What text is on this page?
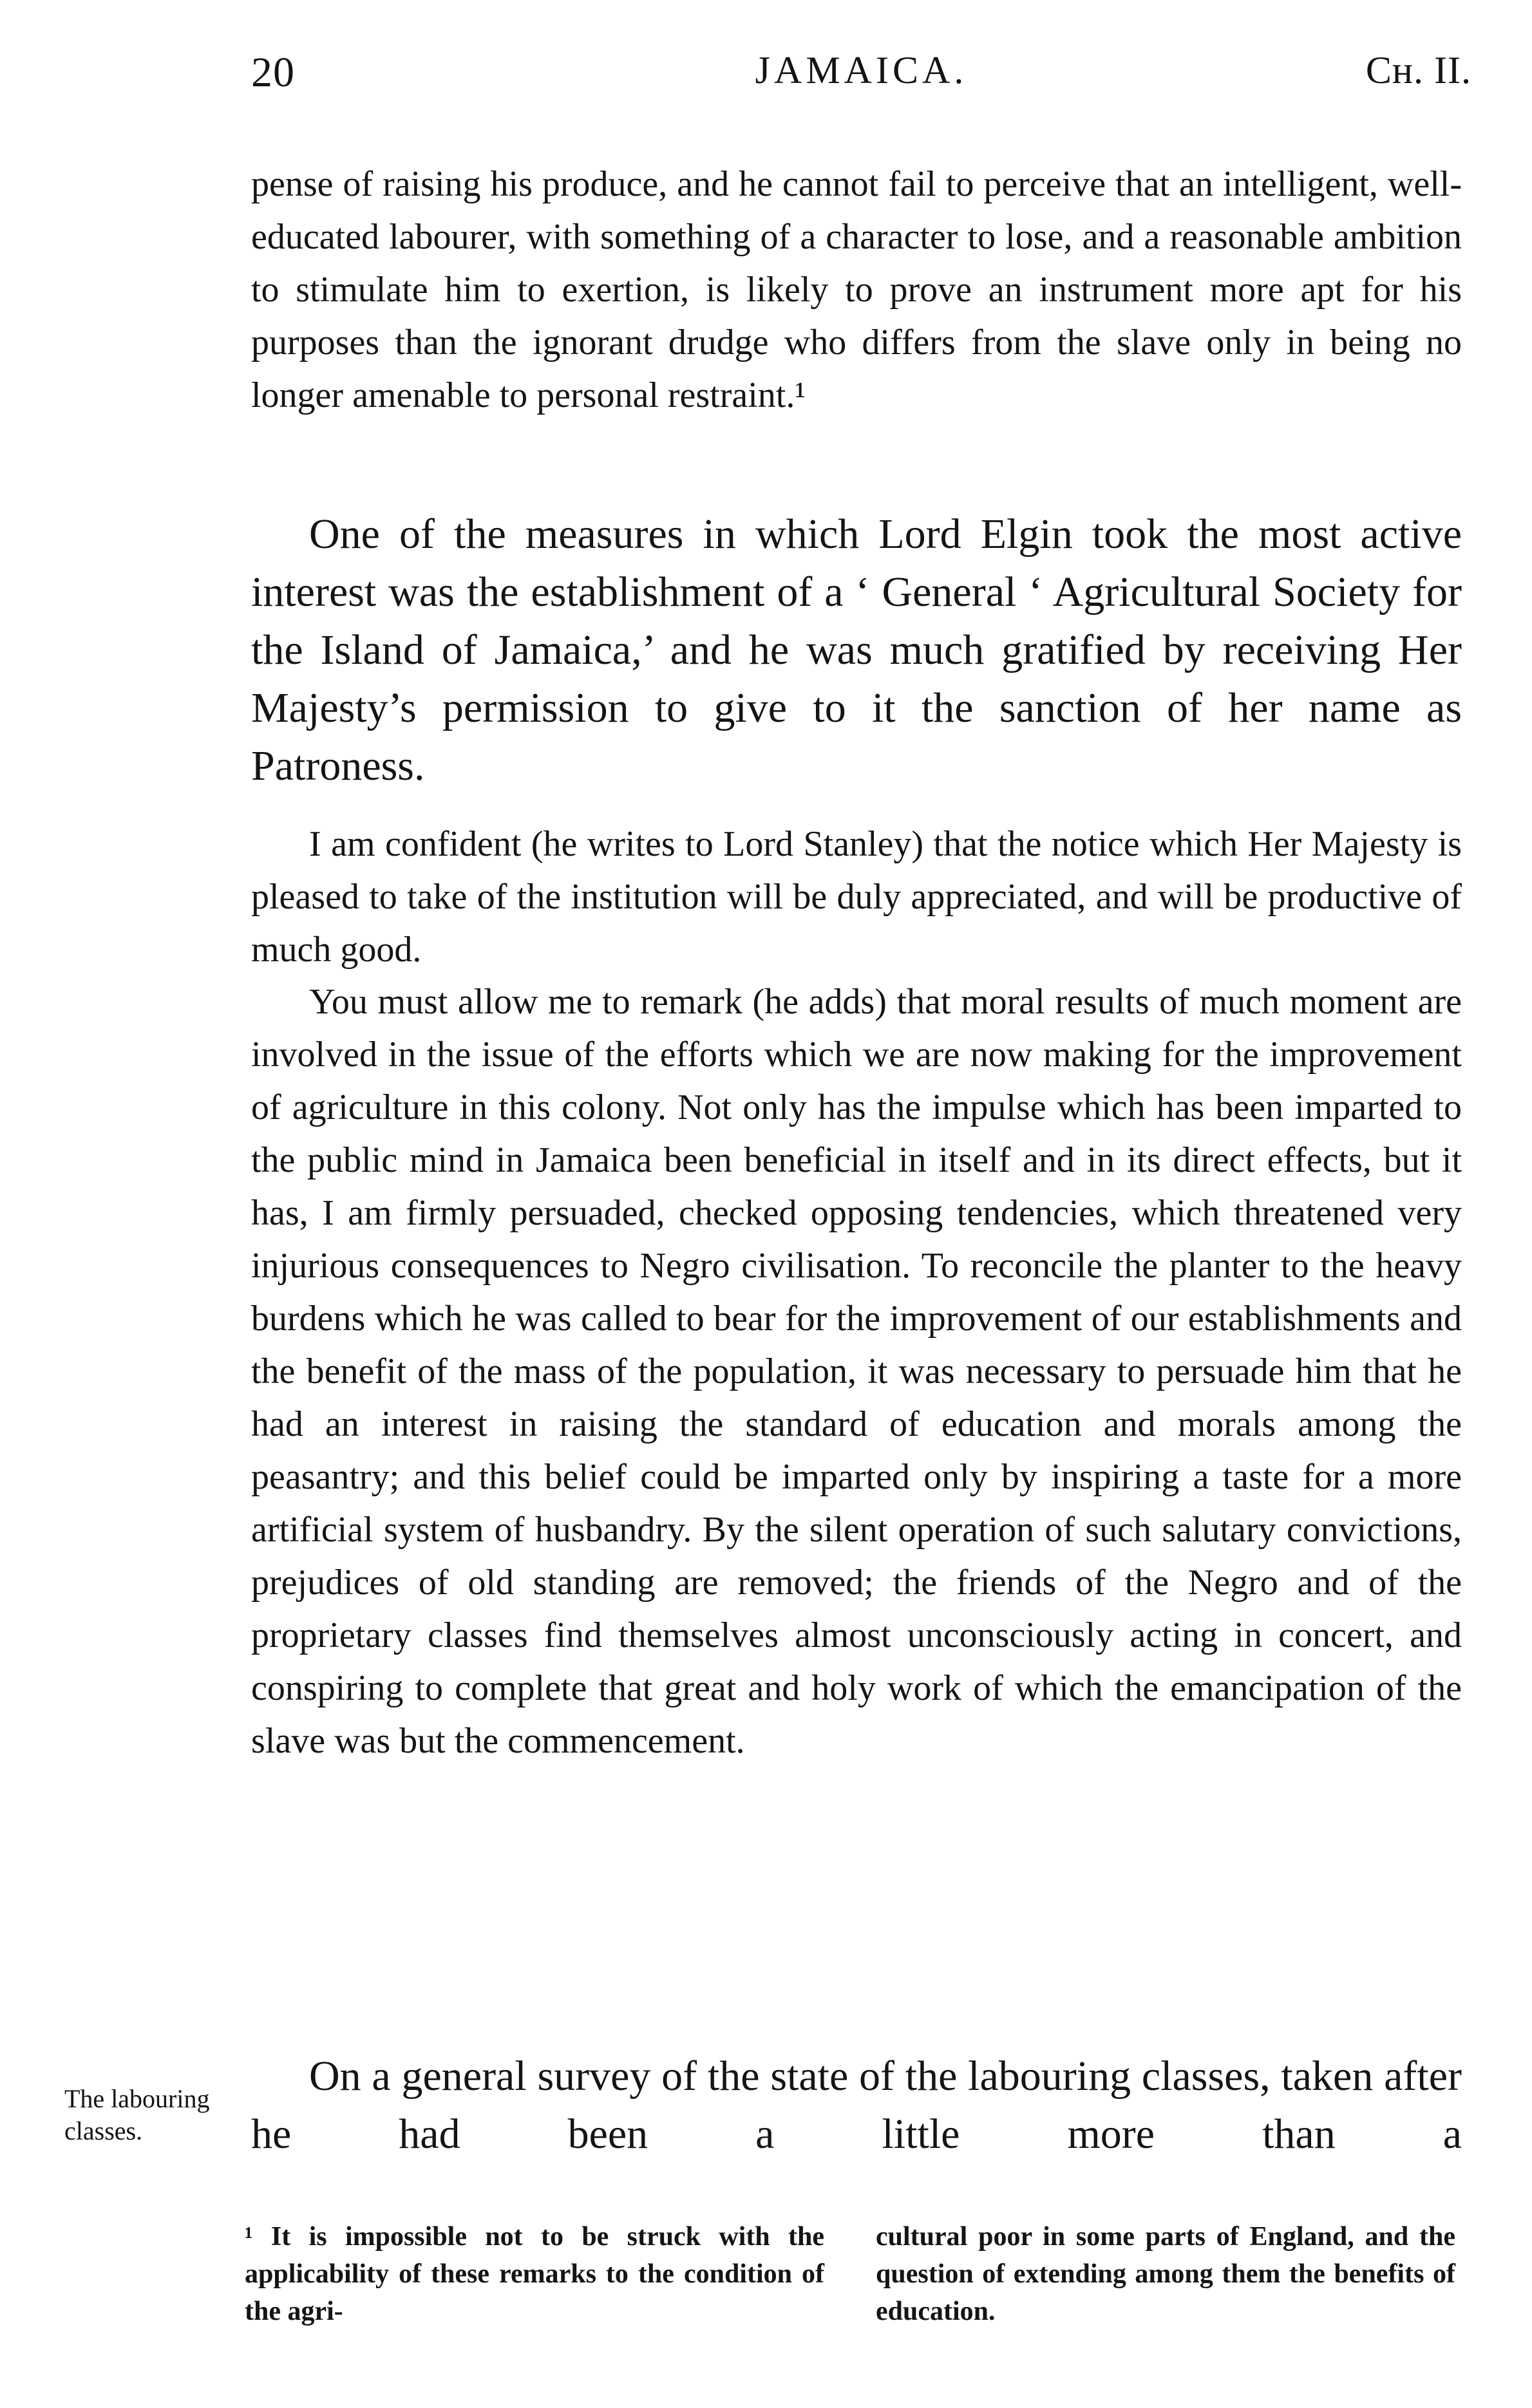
20	JAMAICA.	Cн. II.

pense of raising his produce, and he cannot fail to perceive that an intelligent, well-educated labourer, with something of a character to lose, and a reasonable ambition to stimulate him to exertion, is likely to prove an instrument more apt for his purposes than the ignorant drudge who differs from the slave only in being no longer amenable to personal restraint.¹

One of the measures in which Lord Elgin took the most active interest was the establishment of a ‘ General ‘ Agricultural Society for the Island of Jamaica,’ and he was much gratified by receiving Her Majesty’s permission to give to it the sanction of her name as Patroness.

I am confident (he writes to Lord Stanley) that the notice which Her Majesty is pleased to take of the institution will be duly appreciated, and will be productive of much good.

You must allow me to remark (he adds) that moral results of much moment are involved in the issue of the efforts which we are now making for the improvement of agriculture in this colony. Not only has the impulse which has been imparted to the public mind in Jamaica been beneficial in itself and in its direct effects, but it has, I am firmly persuaded, checked opposing tendencies, which threatened very injurious consequences to Negro civilisation. To reconcile the planter to the heavy burdens which he was called to bear for the improvement of our establishments and the benefit of the mass of the population, it was necessary to persuade him that he had an interest in raising the standard of education and morals among the peasantry; and this belief could be imparted only by inspiring a taste for a more artificial system of husbandry. By the silent operation of such salutary convictions, prejudices of old standing are removed; the friends of the Negro and of the proprietary classes find themselves almost unconsciously acting in concert, and conspiring to complete that great and holy work of which the emancipation of the slave was but the commencement.

On a general survey of the state of the labouring classes, taken after he had been a little more than a

The labouring classes.

¹ It is impossible not to be struck with the applicability of these remarks to the condition of the agri-

cultural poor in some parts of England, and the question of extending among them the benefits of education.
